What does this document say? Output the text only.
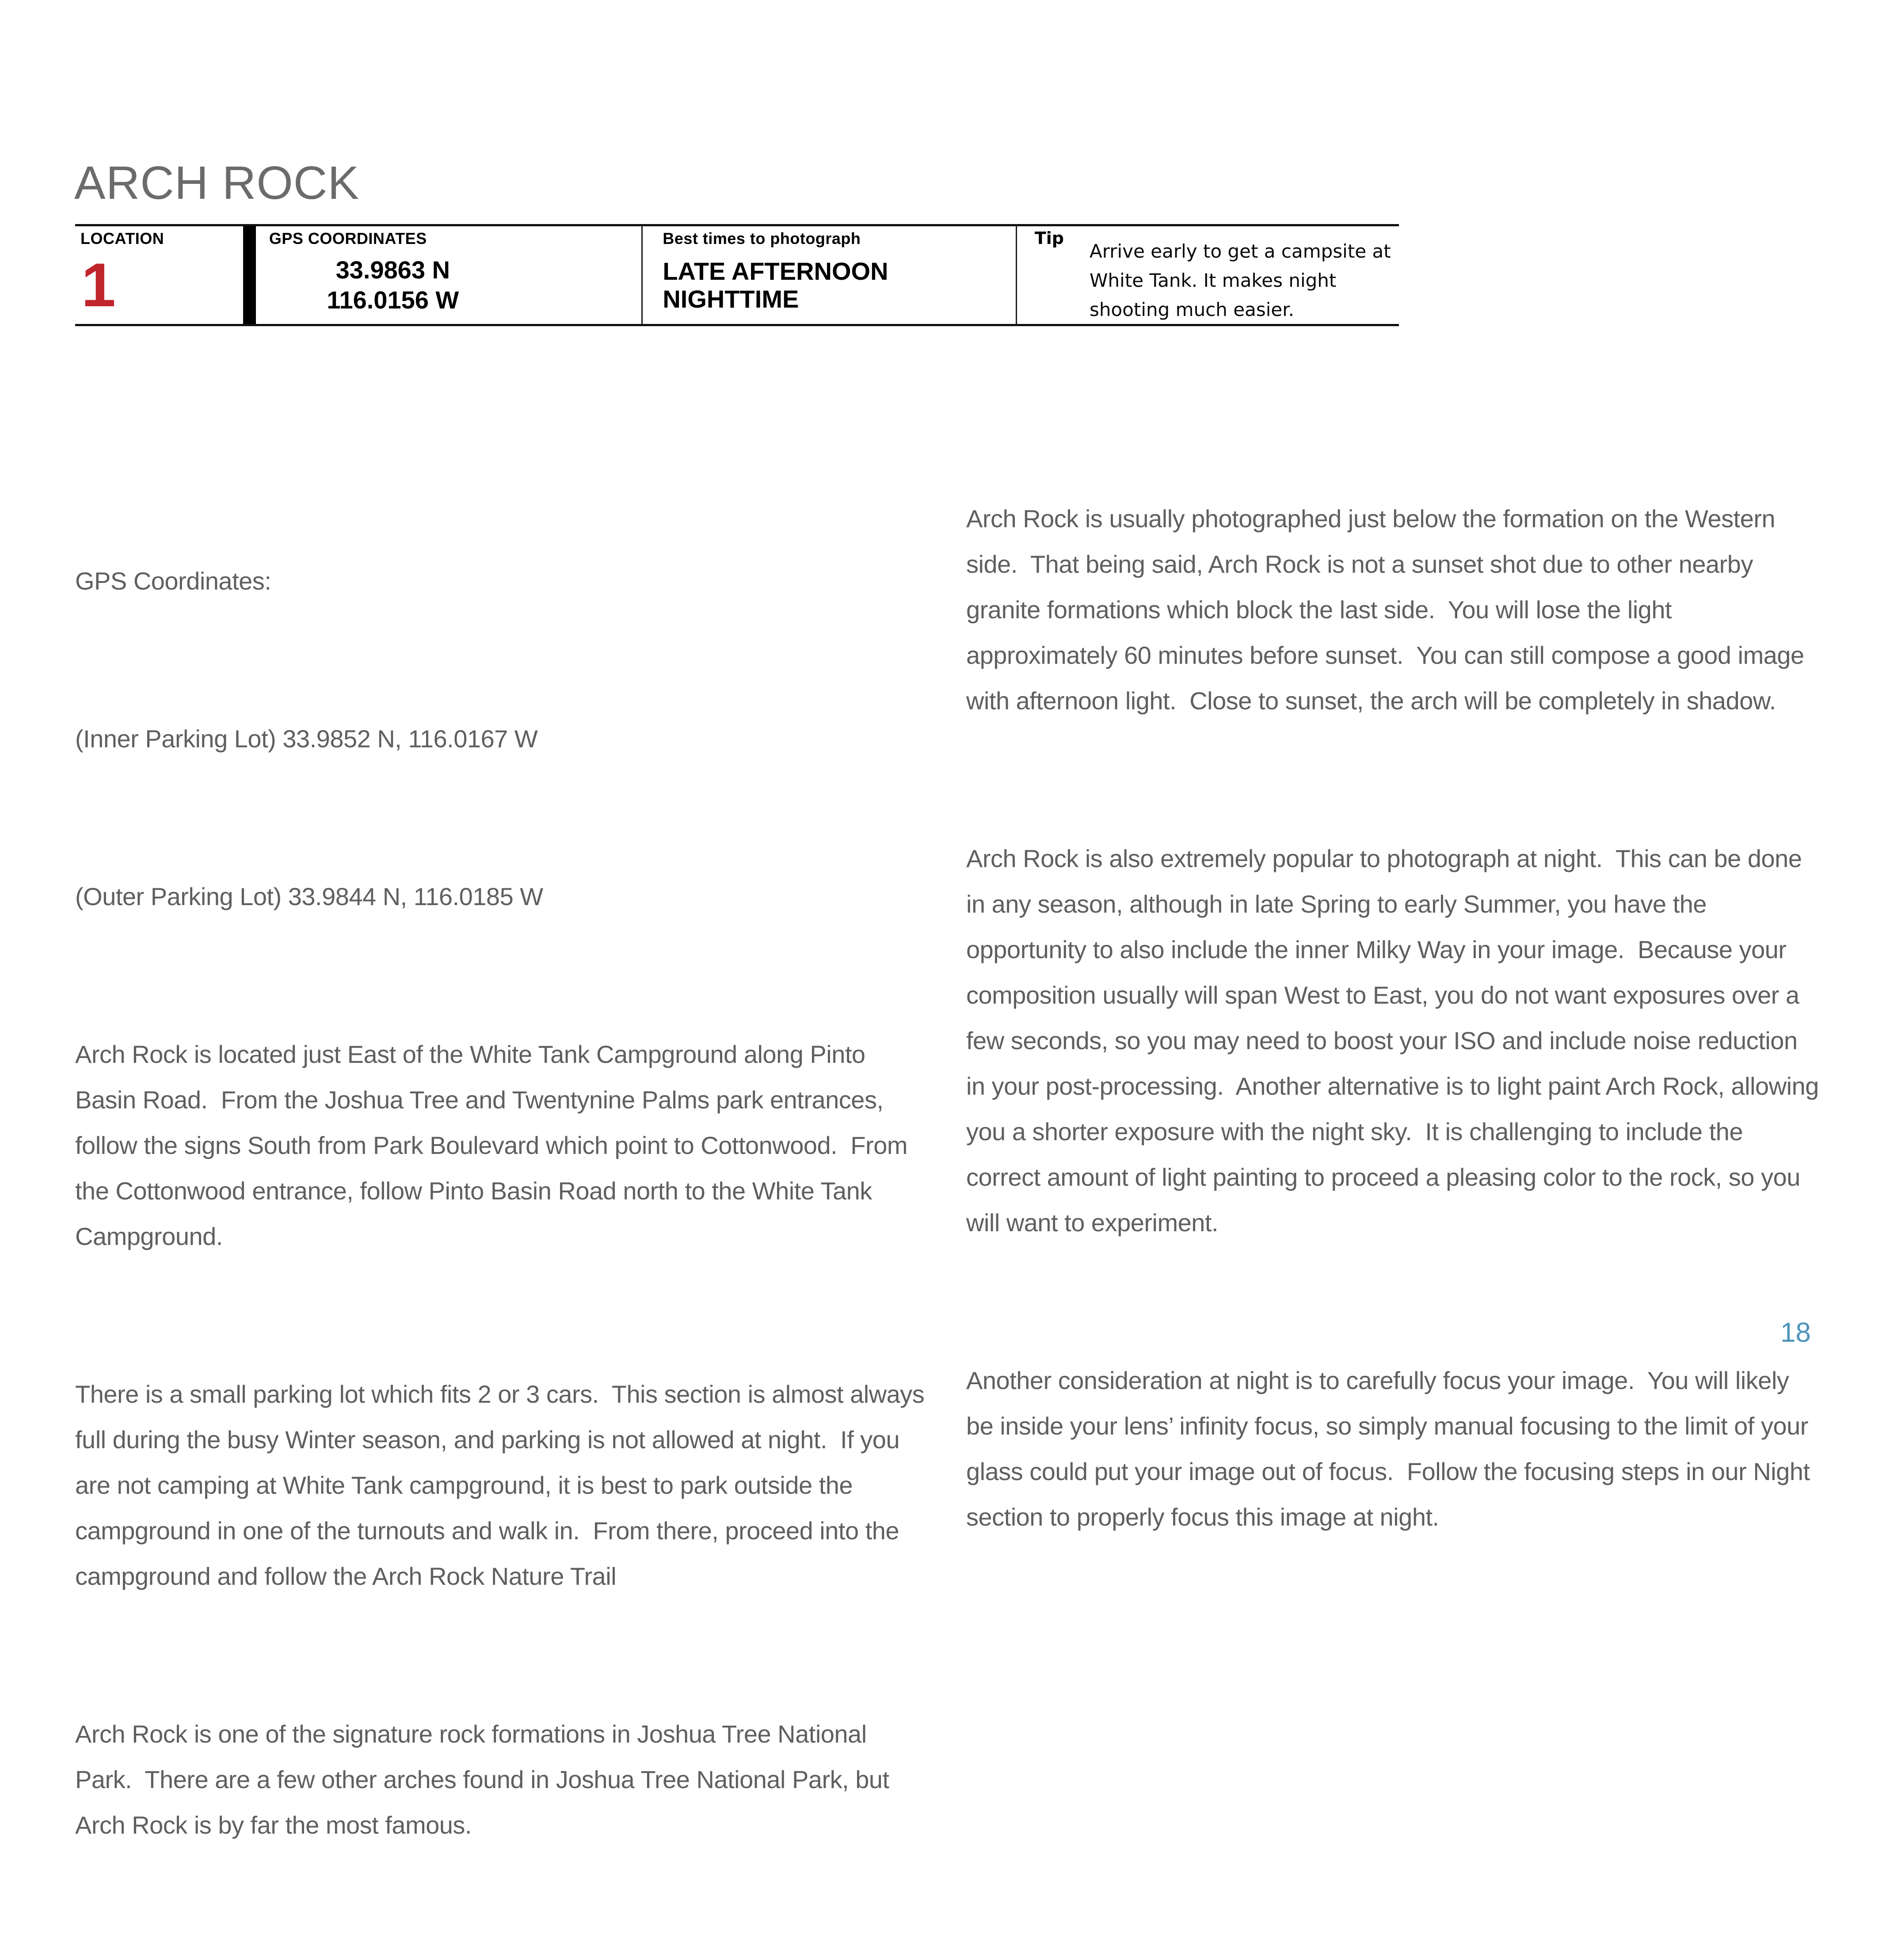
ARCH ROCK
LOCATION
1
GPS COORDINATES
33.9863 N
116.0156 W
Best times to photograph
LATE AFTERNOON
NIGHTTIME
Tip
Arrive early to get a campsite at White Tank. It makes night shooting much easier.

GPS Coordinates:

(Inner Parking Lot) 33.9852 N, 116.0167 W

(Outer Parking Lot) 33.9844 N, 116.0185 W

Arch Rock is located just East of the White Tank Campground along Pinto Basin Road.  From the Joshua Tree and Twentynine Palms park entrances, follow the signs South from Park Boulevard which point to Cottonwood.  From the Cottonwood entrance, follow Pinto Basin Road north to the White Tank Campground.

There is a small parking lot which fits 2 or 3 cars.  This section is almost always full during the busy Winter season, and parking is not allowed at night.  If you are not camping at White Tank campground, it is best to park outside the campground in one of the turnouts and walk in.  From there, proceed into the campground and follow the Arch Rock Nature Trail

Arch Rock is one of the signature rock formations in Joshua Tree National Park.  There are a few other arches found in Joshua Tree National Park, but Arch Rock is by far the most famous.

Arch Rock is usually photographed just below the formation on the Western side.  That being said, Arch Rock is not a sunset shot due to other nearby granite formations which block the last side.  You will lose the light approximately 60 minutes before sunset.  You can still compose a good image with afternoon light.  Close to sunset, the arch will be completely in shadow.

Arch Rock is also extremely popular to photograph at night.  This can be done in any season, although in late Spring to early Summer, you have the opportunity to also include the inner Milky Way in your image.  Because your composition usually will span West to East, you do not want exposures over a few seconds, so you may need to boost your ISO and include noise reduction in your post-processing.  Another alternative is to light paint Arch Rock, allowing you a shorter exposure with the night sky.  It is challenging to include the correct amount of light painting to proceed a pleasing color to the rock, so you will want to experiment.

Another consideration at night is to carefully focus your image.  You will likely be inside your lens’ infinity focus, so simply manual focusing to the limit of your glass could put your image out of focus.  Follow the focusing steps in our Night section to properly focus this image at night.

18
